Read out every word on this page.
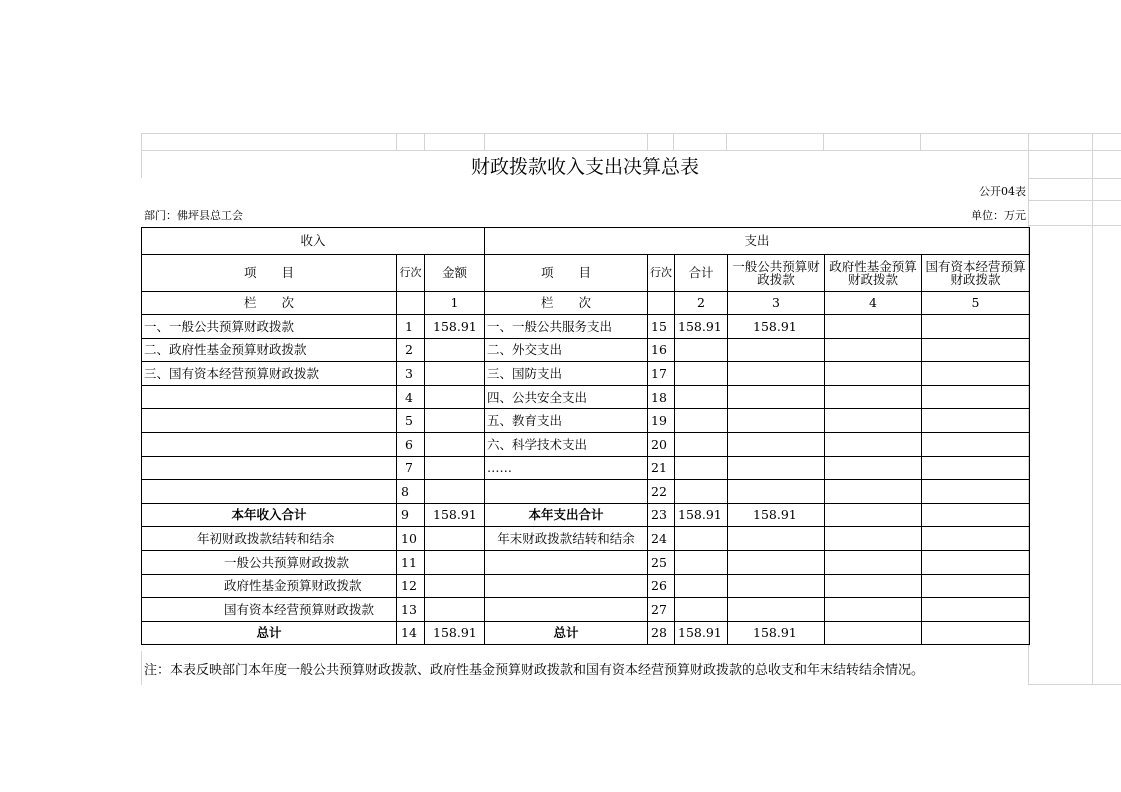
财政拨款收入支出决算总表
公开04表
部门：佛坪县总工会	单位：万元
收入			支出					
项　　目	行次	金额	项　　目	行次	合计	一般公共预算财政拨款	政府性基金预算财政拨款	国有资本经营预算财政拨款
栏　　次		1	栏　　次		2	3	4	5
一、一般公共预算财政拨款	1	158.91	一、一般公共服务支出	15	158.91	158.91		
二、政府性基金预算财政拨款	2		二、外交支出	16				
三、国有资本经营预算财政拨款	3		三、国防支出	17				
	4		四、公共安全支出	18				
	5		五、教育支出	19				
	6		六、科学技术支出	20				
	7		……	21				
	8			22				
本年收入合计	9	158.91	本年支出合计	23	158.91	158.91		
年初财政拨款结转和结余	10		年末财政拨款结转和结余	24				
一般公共预算财政拨款	11			25				
政府性基金预算财政拨款	12			26				
国有资本经营预算财政拨款	13			27				
总计	14	158.91	总计	28	158.91	158.91		
注：本表反映部门本年度一般公共预算财政拨款、政府性基金预算财政拨款和国有资本经营预算财政拨款的总收支和年末结转结余情况。
